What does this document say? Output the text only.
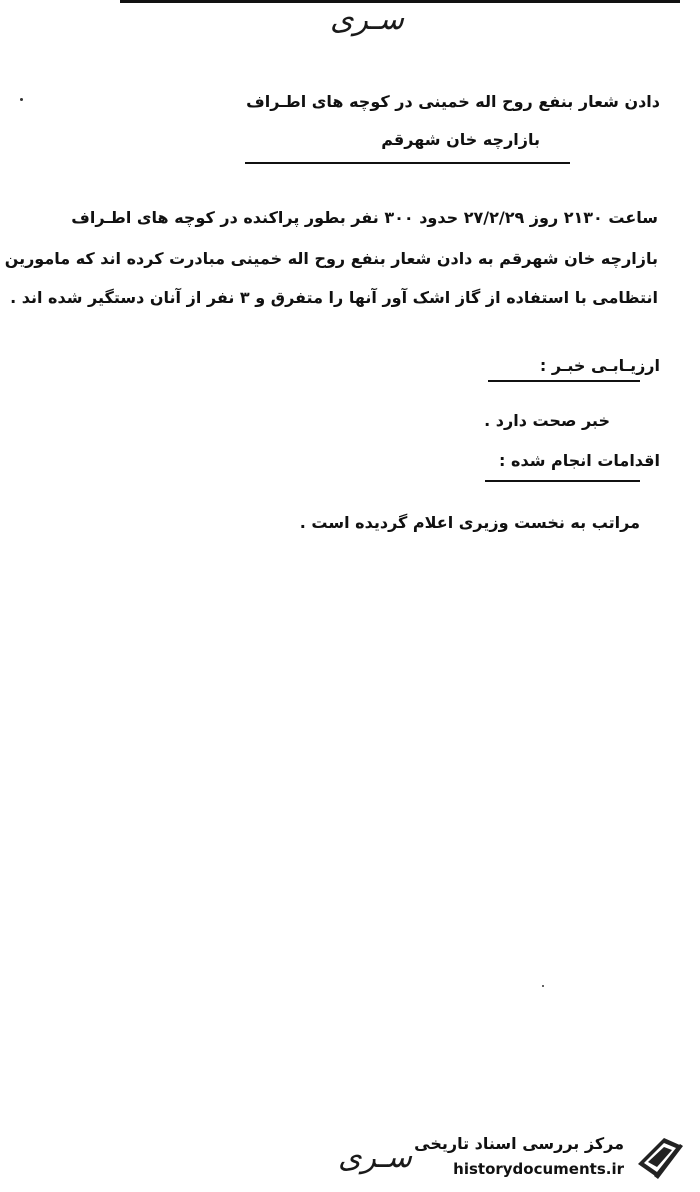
سـری
دادن شعار بنفع روح اله خمینی در کوچه های اطـراف
بازارچه خان شهرقم
ساعت ۲۱۳۰ روز ۲۷/۲/۲۹ حدود ۳۰۰ نفر بطور پراکنده در کوچه های اطـراف
بازارچه خان شهرقم به دادن شعار بنفع روح اله خمینی مبادرت کرده اند که مامورین
انتظامی با استفاده از گاز اشک آور آنها را متفرق و ۳ نفر از آنان دستگیر شده اند .
ارزیـابـی خبـر :
خبر صحت دارد .
اقدامات انجام شده :
مراتب به نخست وزیری اعلام گردیده است .
سـری مرکز بررسی اسناد تاریخی
historydocuments.ir
